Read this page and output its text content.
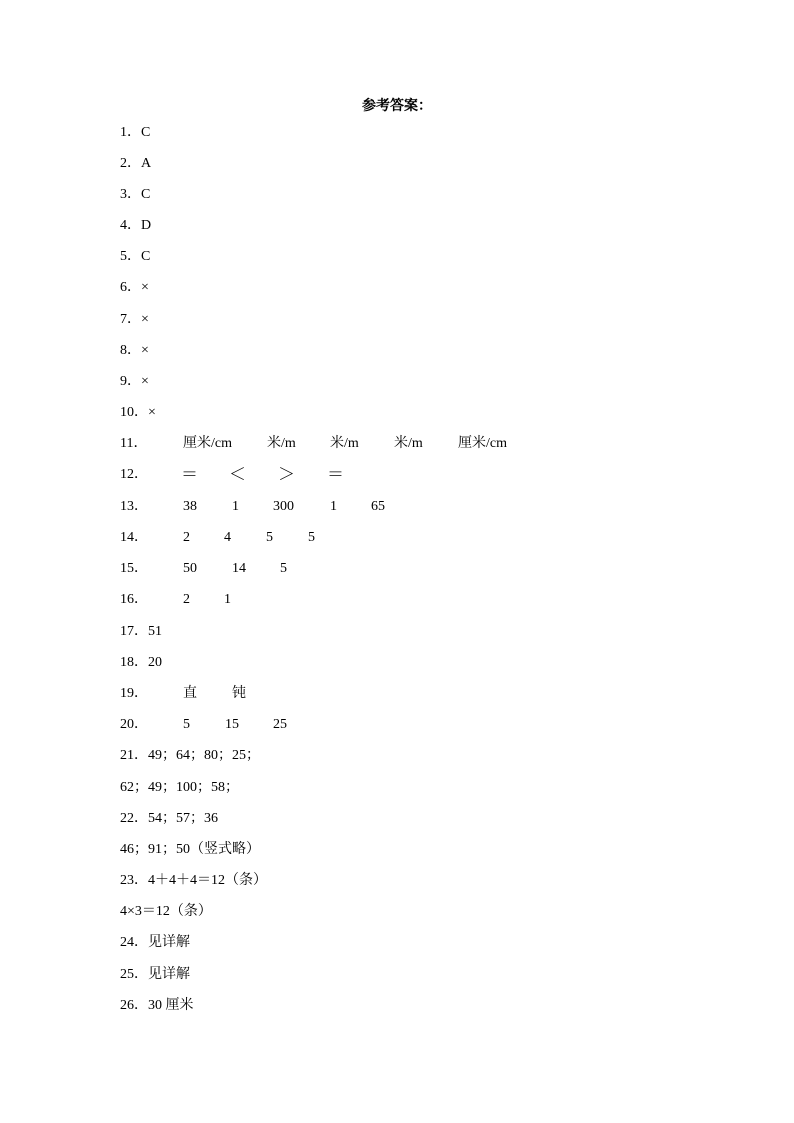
参考答案：
1．C
2．A
3．C
4．D
5．C
6．×
7．×
8．×
9．×
10．×
11．	厘米/cm	米/m 米/m	米/m	厘米/cm
12． ＝ ＜ ＞ ＝
13．	38	1 300	1 65
14．	2 4	5	5
15．	50	14 5
16．	2 1
17．51
18．20
19．	直	钝
20．	5	15 25
21．49；64；80；25；
62；49；100；58；
22．54；57；36
46；91；50（竖式略）
23．4＋4＋4＝12（条）
4×3＝12（条）
24．见详解
25．见详解
26．30 厘米
